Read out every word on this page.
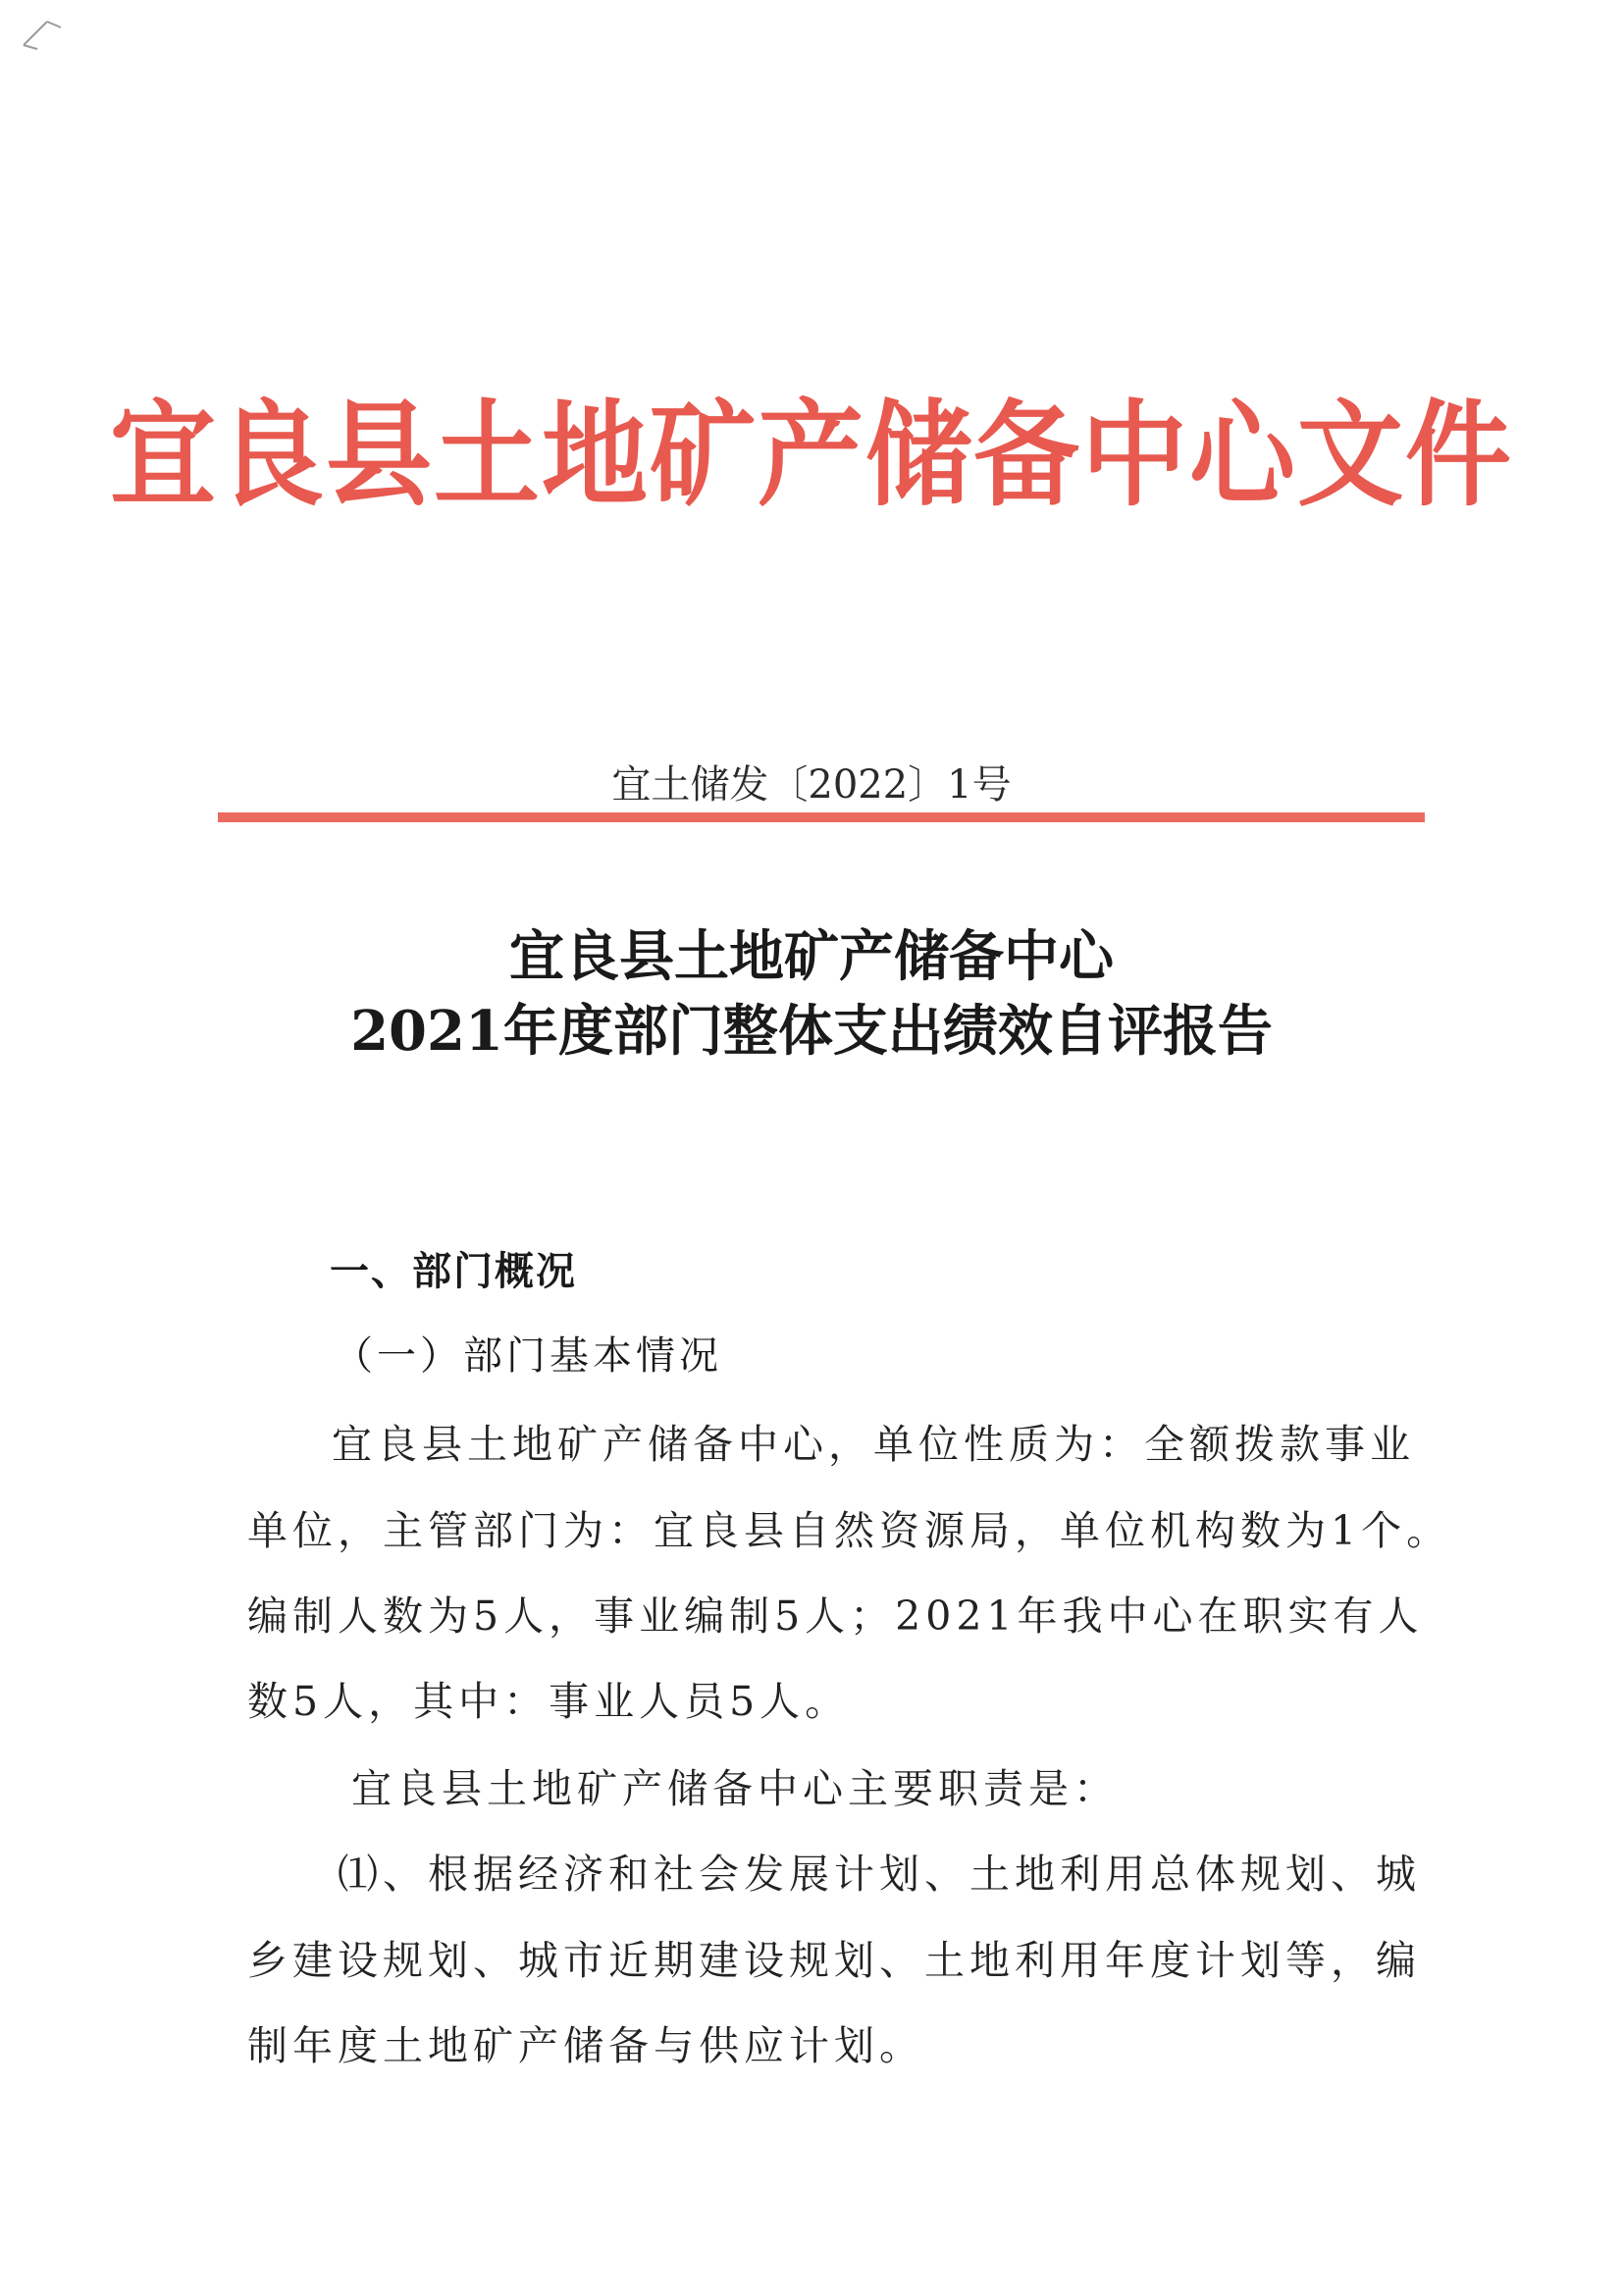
宜良县土地矿产储备中心文件
宜土储发〔2022〕1号
宜良县土地矿产储备中心
2021年度部门整体支出绩效自评报告
一、部门概况
（一）部门基本情况
宜良县土地矿产储备中心，单位性质为：全额拨款事业
单位，主管部门为：宜良县自然资源局，单位机构数为1个。
编制人数为5人，事业编制5人；2021年我中心在职实有人
数5人，其中：事业人员5人。
宜良县土地矿产储备中心主要职责是：
⑴、根据经济和社会发展计划、土地利用总体规划、城
乡建设规划、城市近期建设规划、土地利用年度计划等，编
制年度土地矿产储备与供应计划。
